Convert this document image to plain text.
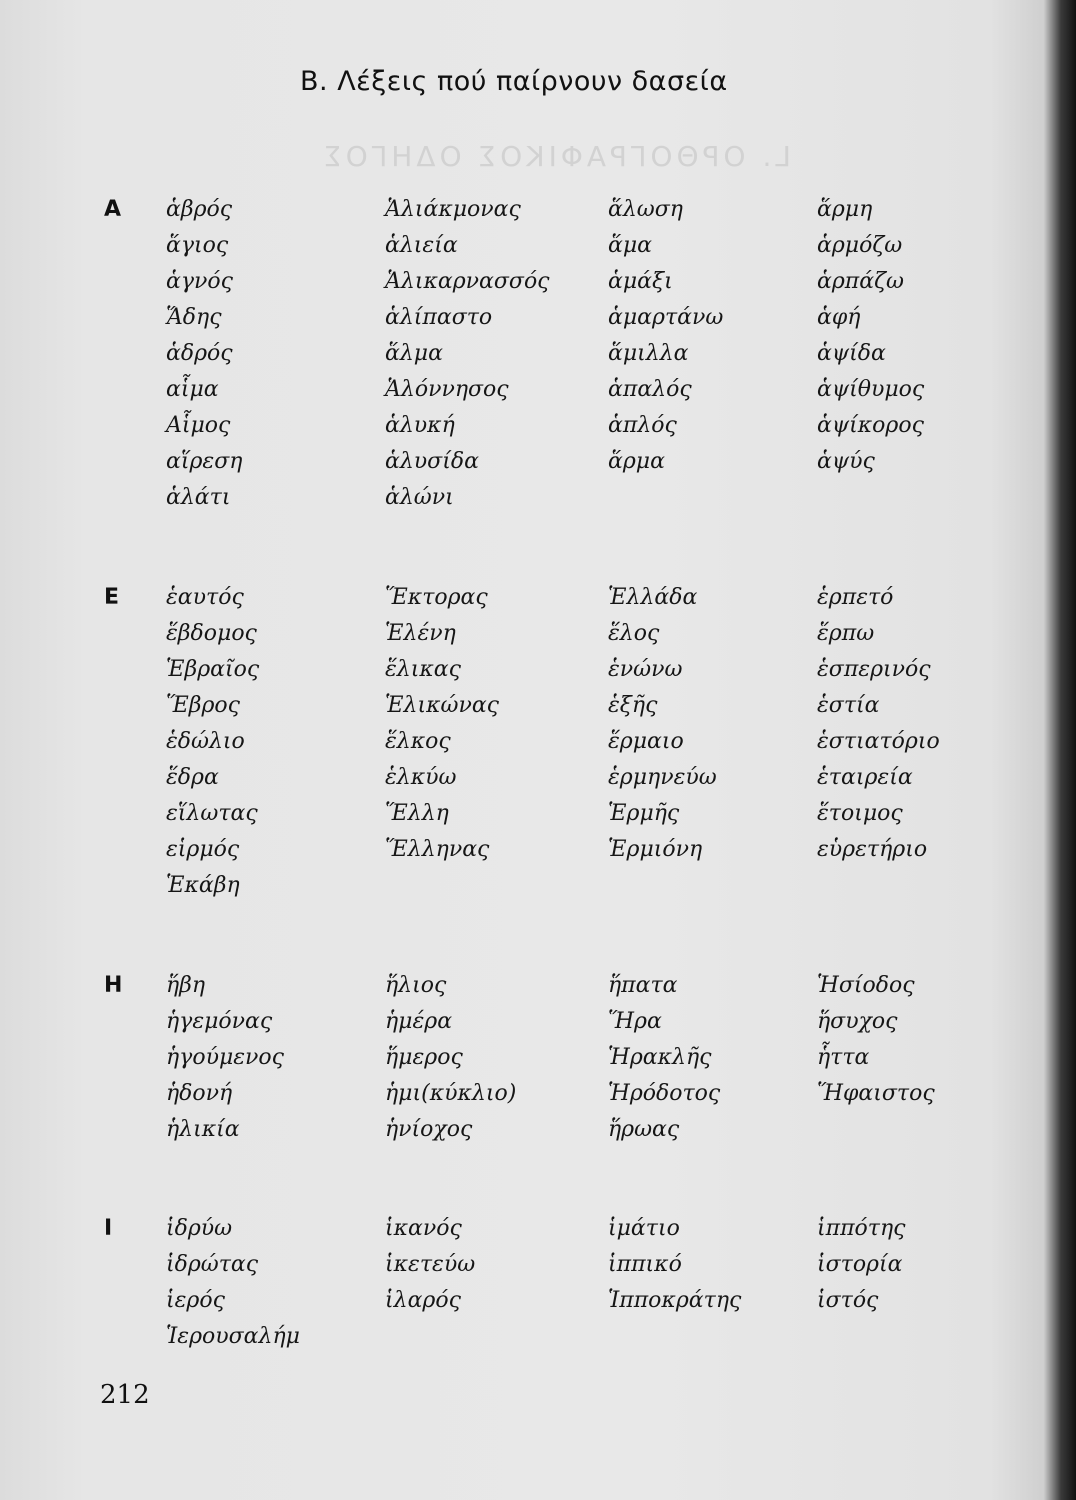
L. ΟΡΘΟΓΡΑΦΙΚΟΣ ΟΔΗΓΟΣ
Β. Λέξεις πού παίρνουν δασεία
Α ἁβρός
ἅγιος
ἁγνός
Ἅδης
ἁδρός
αἷμα
Αἷμος
αἵρεση
ἁλάτι
Ἁλιάκμονας
ἁλιεία
Ἁλικαρνασσός
ἁλίπαστο
ἅλμα
Ἁλόννησος
ἁλυκή
ἁλυσίδα
ἁλώνι
ἅλωση
ἅμα
ἁμάξι
ἁμαρτάνω
ἅμιλλα
ἁπαλός
ἁπλός
ἅρμα
ἅρμη
ἁρμόζω
ἁρπάζω
ἁφή
ἁψίδα
ἁψίθυμος
ἁψίκορος
ἁψύς
Ε ἑαυτός
ἕβδομος
Ἑβραῖος
Ἕβρος
ἑδώλιο
ἕδρα
εἵλωτας
εἱρμός
Ἑκάβη
Ἕκτορας
Ἑλένη
ἕλικας
Ἑλικώνας
ἕλκος
ἑλκύω
Ἕλλη
Ἕλληνας
Ἑλλάδα
ἕλος
ἑνώνω
ἑξῆς
ἕρμαιο
ἑρμηνεύω
Ἑρμῆς
Ἑρμιόνη
ἑρπετό
ἕρπω
ἑσπερινός
ἑστία
ἑστιατόριο
ἑταιρεία
ἕτοιμος
εὑρετήριο
Η ἥβη
ἡγεμόνας
ἡγούμενος
ἡδονή
ἡλικία
ἥλιος
ἡμέρα
ἥμερος
ἡμι(κύκλιο)
ἡνίοχος
ἥπατα
Ἥρα
Ἡρακλῆς
Ἡρόδοτος
ἥρωας
Ἡσίοδος
ἥσυχος
ἧττα
Ἥφαιστος
Ι ἱδρύω
ἱδρώτας
ἱερός
Ἱερουσαλήμ
ἱκανός
ἱκετεύω
ἱλαρός
ἱμάτιο
ἱππικό
Ἱπποκράτης
ἱππότης
ἱστορία
ἱστός
212
